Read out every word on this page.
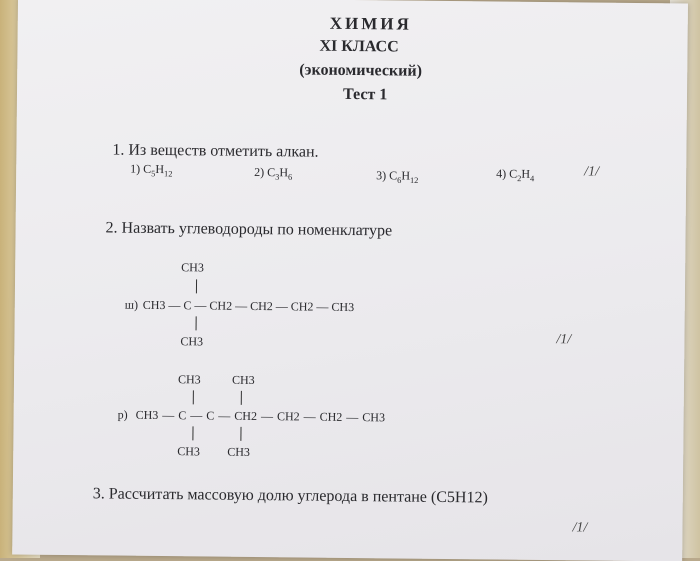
ХИМИЯ
XI КЛАСС
(экономический)
Тест 1
1. Из веществ отметить алкан.
1) $C_5H_{12}$	2) $C_3H_6$	3) $C_6H_{12}$	4) $C_2H_4$	/1/
2. Назвать углеводороды по номенклатуре
CH3
ш) CH3 — C — CH2 — CH2 — CH2 — CH3
CH3	/1/
CH3	CH3
р) CH3 — C — C — CH2 — CH2 — CH2 — CH3
CH3 CH3
3. Рассчитать массовую долю углерода в пентане (C5H12)
/1/
